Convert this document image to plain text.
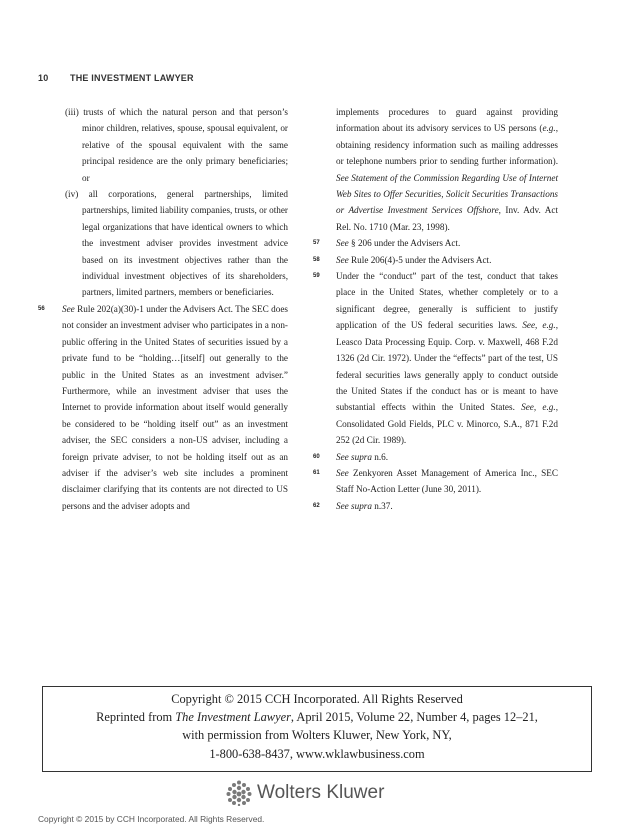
10 THE INVESTMENT LAWYER

(iii) trusts of which the natural person and that person’s minor children, relatives, spouse, spousal equivalent, or relative of the spousal equivalent with the same principal residence are the only primary beneficiaries; or

(iv) all corporations, general partnerships, limited partnerships, limited liability companies, trusts, or other legal organizations that have identical owners to which the investment adviser provides investment advice based on its investment objectives rather than the individual investment objectives of its shareholders, partners, limited partners, members or beneficiaries.

56 See Rule 202(a)(30)-1 under the Advisers Act. The SEC does not consider an investment adviser who participates in a non-public offering in the United States of securities issued by a private fund to be “holding…[itself] out generally to the public in the United States as an investment adviser.” Furthermore, while an investment adviser that uses the Internet to provide information about itself would generally be considered to be “holding itself out” as an investment adviser, the SEC considers a non-US adviser, including a foreign private adviser, to not be holding itself out as an adviser if the adviser’s web site includes a prominent disclaimer clarifying that its contents are not directed to US persons and the adviser adopts and

implements procedures to guard against providing information about its advisory services to US persons (e.g., obtaining residency information such as mailing addresses or telephone numbers prior to sending further information). See Statement of the Commission Regarding Use of Internet Web Sites to Offer Securities, Solicit Securities Transactions or Advertise Investment Services Offshore, Inv. Adv. Act Rel. No. 1710 (Mar. 23, 1998).

57 See § 206 under the Advisers Act.

58 See Rule 206(4)-5 under the Advisers Act.

59 Under the “conduct” part of the test, conduct that takes place in the United States, whether completely or to a significant degree, generally is sufficient to justify application of the US federal securities laws. See, e.g., Leasco Data Processing Equip. Corp. v. Maxwell, 468 F.2d 1326 (2d Cir. 1972). Under the “effects” part of the test, US federal securities laws generally apply to conduct outside the United States if the conduct has or is meant to have substantial effects within the United States. See, e.g., Consolidated Gold Fields, PLC v. Minorco, S.A., 871 F.2d 252 (2d Cir. 1989).

60 See supra n.6.

61 See Zenkyoren Asset Management of America Inc., SEC Staff No-Action Letter (June 30, 2011).

62 See supra n.37.

Copyright © 2015 CCH Incorporated. All Rights Reserved
Reprinted from The Investment Lawyer, April 2015, Volume 22, Number 4, pages 12–21,
with permission from Wolters Kluwer, New York, NY,
1-800-638-8437, www.wklawbusiness.com
Wolters Kluwer
Copyright © 2015 by CCH Incorporated. All Rights Reserved.
